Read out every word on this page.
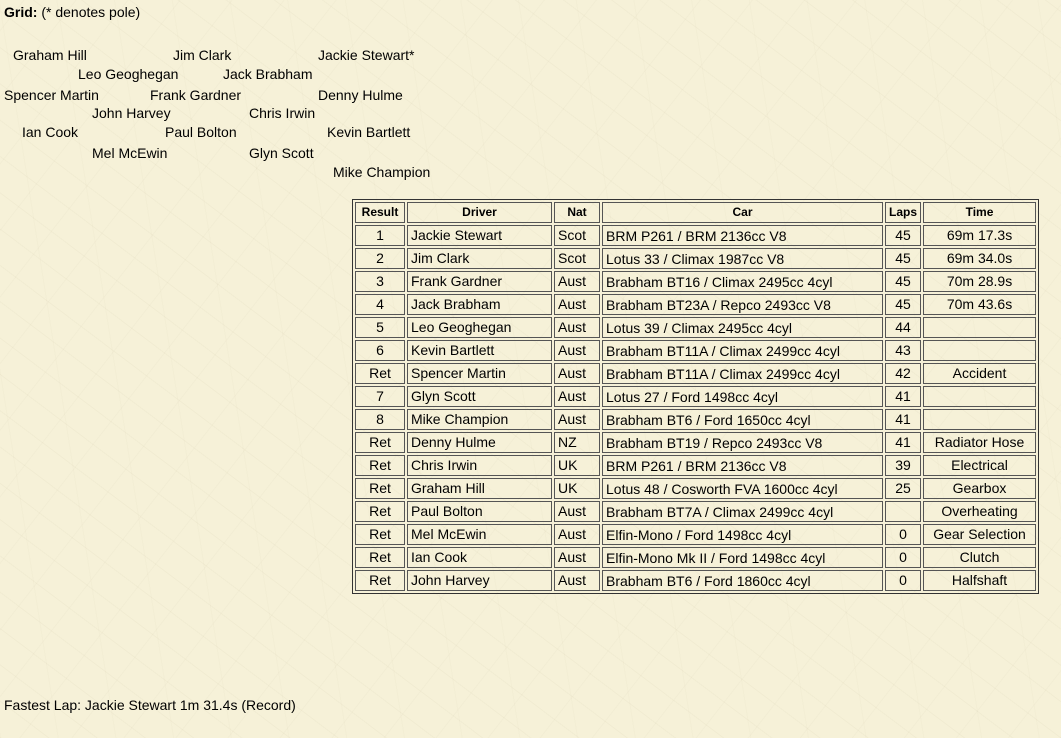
Grid: (* denotes pole)
Graham Hill	Jim Clark	Jackie Stewart*
Leo Geoghegan	Jack Brabham
Spencer Martin	Frank Gardner	Denny Hulme
John Harvey	Chris Irwin
Ian Cook	Paul Bolton	Kevin Bartlett
Mel McEwin	Glyn Scott
Mike Champion
Result	Driver	Nat	Car	Laps	Time
1	Jackie Stewart	Scot	BRM P261 / BRM 2136cc V8	45	69m 17.3s
2	Jim Clark	Scot	Lotus 33 / Climax 1987cc V8	45	69m 34.0s
3	Frank Gardner	Aust	Brabham BT16 / Climax 2495cc 4cyl	45	70m 28.9s
4	Jack Brabham	Aust	Brabham BT23A / Repco 2493cc V8	45	70m 43.6s
5	Leo Geoghegan	Aust	Lotus 39 / Climax 2495cc 4cyl	44	
6	Kevin Bartlett	Aust	Brabham BT11A / Climax 2499cc 4cyl	43	
Ret	Spencer Martin	Aust	Brabham BT11A / Climax 2499cc 4cyl	42	Accident
7	Glyn Scott	Aust	Lotus 27 / Ford 1498cc 4cyl	41	
8	Mike Champion	Aust	Brabham BT6 / Ford 1650cc 4cyl	41	
Ret	Denny Hulme	NZ	Brabham BT19 / Repco 2493cc V8	41	Radiator Hose
Ret	Chris Irwin	UK	BRM P261 / BRM 2136cc V8	39	Electrical
Ret	Graham Hill	UK	Lotus 48 / Cosworth FVA 1600cc 4cyl	25	Gearbox
Ret	Paul Bolton	Aust	Brabham BT7A / Climax 2499cc 4cyl		Overheating
Ret	Mel McEwin	Aust	Elfin-Mono / Ford 1498cc 4cyl	0	Gear Selection
Ret	Ian Cook	Aust	Elfin-Mono Mk II / Ford 1498cc 4cyl	0	Clutch
Ret	John Harvey	Aust	Brabham BT6 / Ford 1860cc 4cyl	0	Halfshaft
Fastest Lap: Jackie Stewart 1m 31.4s (Record)
